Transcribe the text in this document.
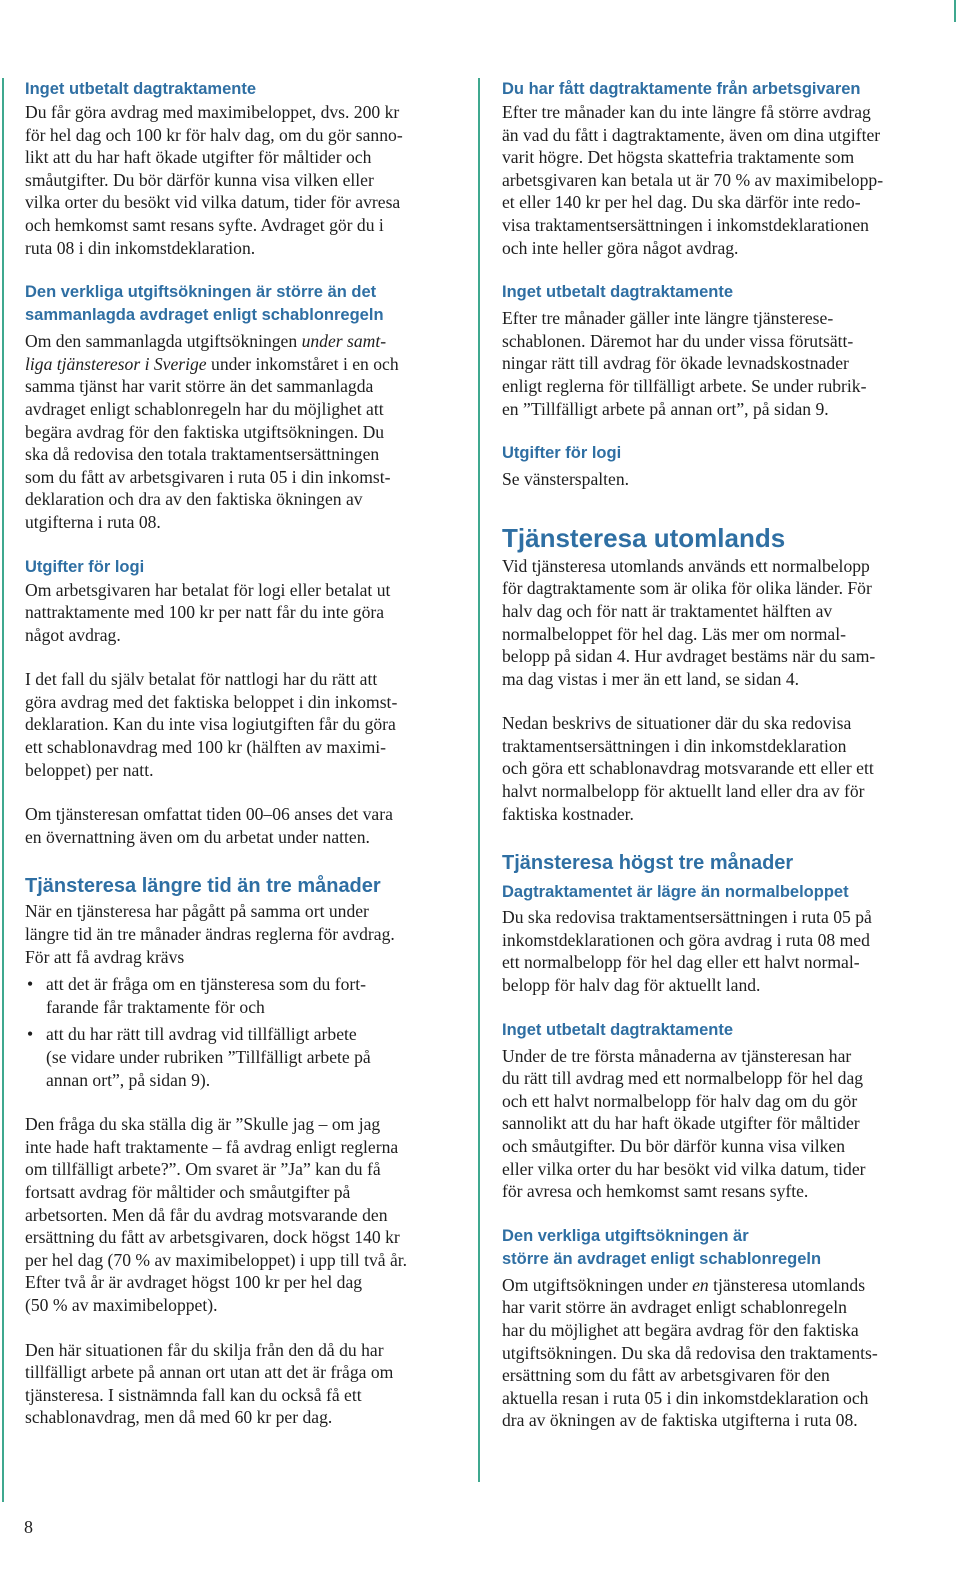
Inget utbetalt dagtraktamente

Du får göra avdrag med maximibeloppet, dvs. 200 kr
för hel dag och 100 kr för halv dag, om du gör sanno-
likt att du har haft ökade utgifter för måltider och
småutgifter. Du bör därför kunna visa vilken eller
vilka orter du besökt vid vilka datum, tider för avresa
och hemkomst samt resans syfte. Avdraget gör du i
ruta 08 i din inkomstdeklaration.

Den verkliga utgiftsökningen är större än det
sammanlagda avdraget enligt schablonregeln

Om den sammanlagda utgiftsökningen under samt-
liga tjänsteresor i Sverige under inkomståret i en och
samma tjänst har varit större än det sammanlagda
avdraget enligt schablonregeln har du möjlighet att
begära avdrag för den faktiska utgiftsökningen. Du
ska då redovisa den totala traktamentsersättningen
som du fått av arbetsgivaren i ruta 05 i din inkomst-
deklaration och dra av den faktiska ökningen av
utgifterna i ruta 08.

Utgifter för logi

Om arbetsgivaren har betalat för logi eller betalat ut
nattraktamente med 100 kr per natt får du inte göra
något avdrag.

I det fall du själv betalat för nattlogi har du rätt att
göra avdrag med det faktiska beloppet i din inkomst-
deklaration. Kan du inte visa logiutgiften får du göra
ett schablonavdrag med 100 kr (hälften av maximi-
beloppet) per natt.

Om tjänsteresan omfattat tiden 00–06 anses det vara
en övernattning även om du arbetat under natten.

Tjänsteresa längre tid än tre månader

När en tjänsteresa har pågått på samma ort under
längre tid än tre månader ändras reglerna för avdrag.
För att få avdrag krävs

• att det är fråga om en tjänsteresa som du fort-
farande får traktamente för och
• att du har rätt till avdrag vid tillfälligt arbete
(se vidare under rubriken ”Tillfälligt arbete på
annan ort”, på sidan 9).

Den fråga du ska ställa dig är ”Skulle jag – om jag
inte hade haft traktamente – få avdrag enligt reglerna
om tillfälligt arbete?”. Om svaret är ”Ja” kan du få
fortsatt avdrag för måltider och småutgifter på
arbetsorten. Men då får du avdrag motsvarande den
ersättning du fått av arbetsgivaren, dock högst 140 kr
per hel dag (70 % av maximibeloppet) i upp till två år.
Efter två år är avdraget högst 100 kr per hel dag
(50 % av maximibeloppet).

Den här situationen får du skilja från den då du har
tillfälligt arbete på annan ort utan att det är fråga om
tjänsteresa. I sistnämnda fall kan du också få ett
schablonavdrag, men då med 60 kr per dag.

Du har fått dagtraktamente från arbetsgivaren

Efter tre månader kan du inte längre få större avdrag
än vad du fått i dagtraktamente, även om dina utgifter
varit högre. Det högsta skattefria traktamente som
arbetsgivaren kan betala ut är 70 % av maximibelopp-
et eller 140 kr per hel dag. Du ska därför inte redo-
visa traktamentsersättningen i inkomstdeklarationen
och inte heller göra något avdrag.

Inget utbetalt dagtraktamente

Efter tre månader gäller inte längre tjänsterese-
schablonen. Däremot har du under vissa förutsätt-
ningar rätt till avdrag för ökade levnadskostnader
enligt reglerna för tillfälligt arbete. Se under rubrik-
en ”Tillfälligt arbete på annan ort”, på sidan 9.

Utgifter för logi

Se vänsterspalten.

Tjänsteresa utomlands

Vid tjänsteresa utomlands används ett normalbelopp
för dagtraktamente som är olika för olika länder. För
halv dag och för natt är traktamentet hälften av
normalbeloppet för hel dag. Läs mer om normal-
belopp på sidan 4. Hur avdraget bestäms när du sam-
ma dag vistas i mer än ett land, se sidan 4.

Nedan beskrivs de situationer där du ska redovisa
traktamentsersättningen i din inkomstdeklaration
och göra ett schablonavdrag motsvarande ett eller ett
halvt normalbelopp för aktuellt land eller dra av för
faktiska kostnader.

Tjänsteresa högst tre månader
Dagtraktamentet är lägre än normalbeloppet

Du ska redovisa traktamentsersättningen i ruta 05 på
inkomstdeklarationen och göra avdrag i ruta 08 med
ett normalbelopp för hel dag eller ett halvt normal-
belopp för halv dag för aktuellt land.

Inget utbetalt dagtraktamente

Under de tre första månaderna av tjänsteresan har
du rätt till avdrag med ett normalbelopp för hel dag
och ett halvt normalbelopp för halv dag om du gör
sannolikt att du har haft ökade utgifter för måltider
och småutgifter. Du bör därför kunna visa vilken
eller vilka orter du har besökt vid vilka datum, tider
för avresa och hemkomst samt resans syfte.

Den verkliga utgiftsökningen är
större än avdraget enligt schablonregeln

Om utgiftsökningen under en tjänsteresa utomlands
har varit större än avdraget enligt schablonregeln
har du möjlighet att begära avdrag för den faktiska
utgiftsökningen. Du ska då redovisa den traktaments-
ersättning som du fått av arbetsgivaren för den
aktuella resan i ruta 05 i din inkomstdeklaration och
dra av ökningen av de faktiska utgifterna i ruta 08.

8
